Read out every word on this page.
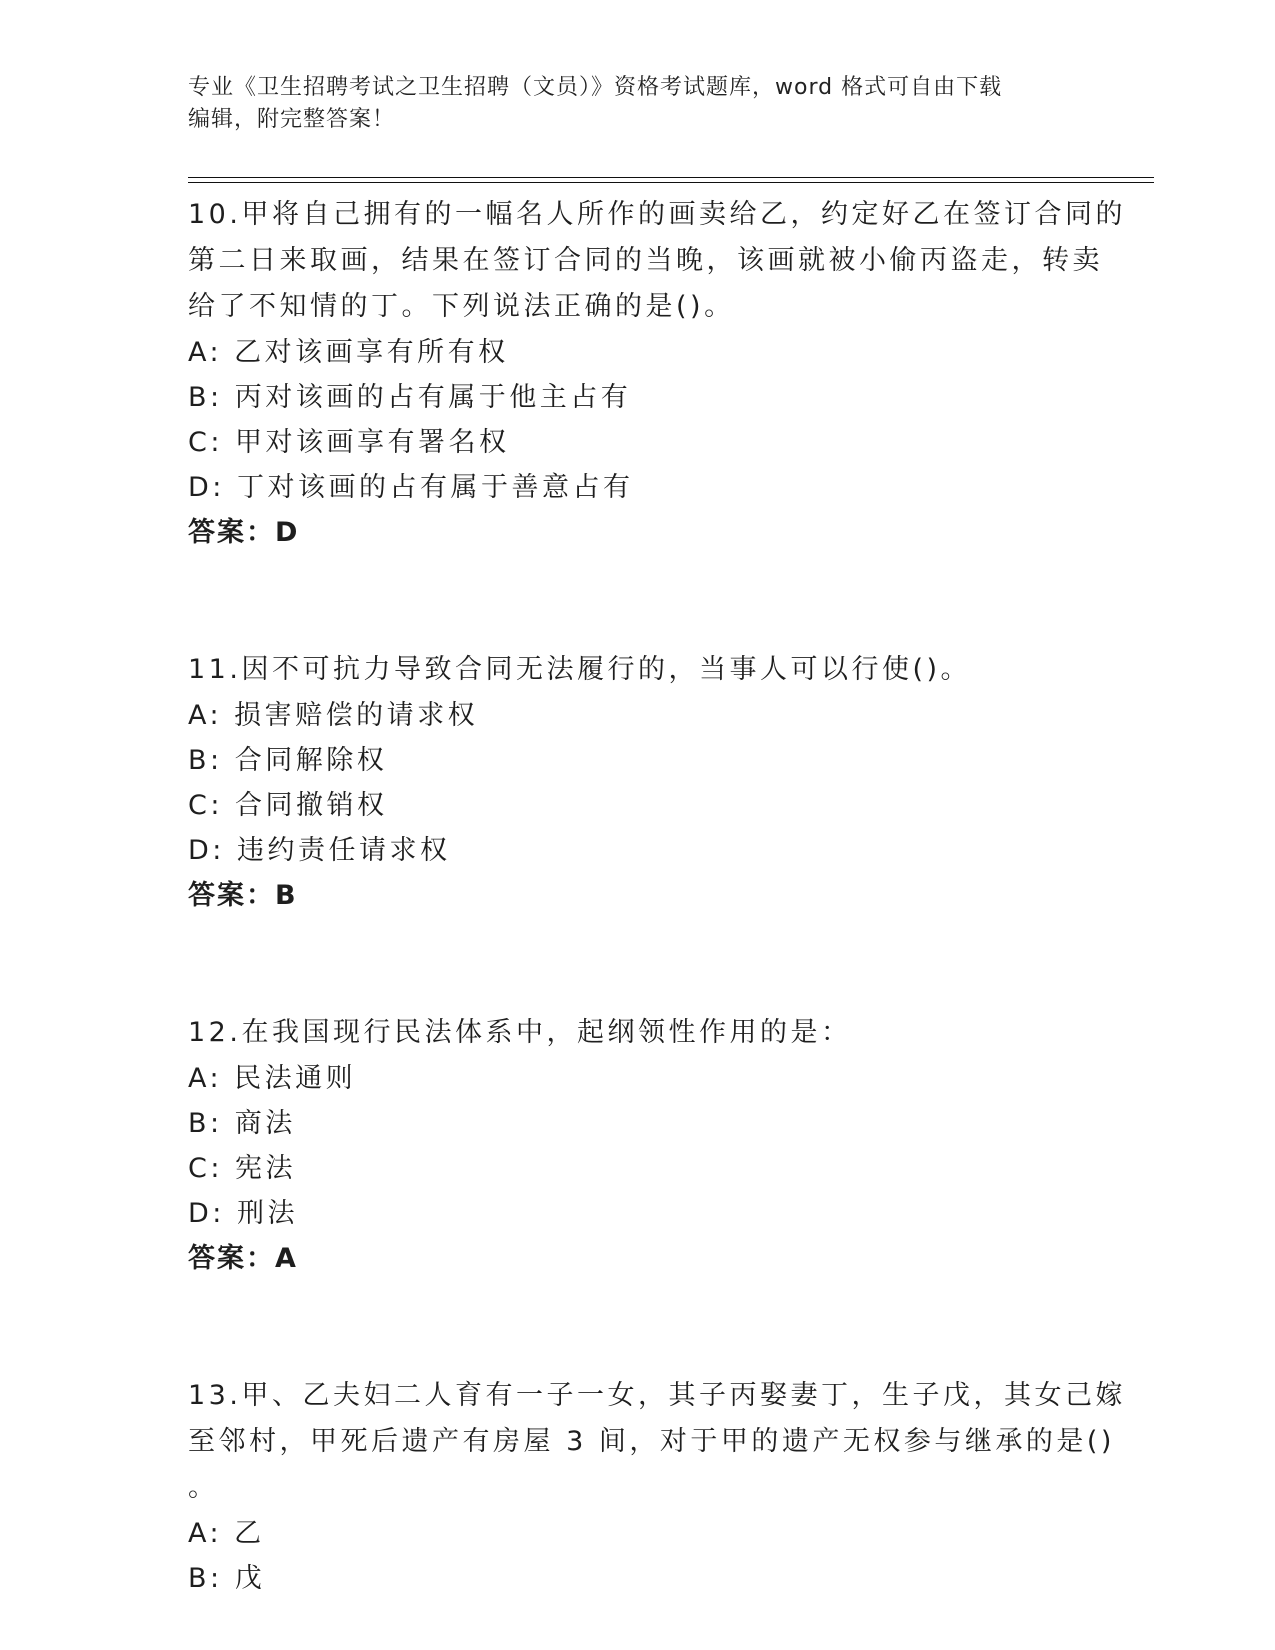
专业《卫生招聘考试之卫生招聘（文员）》资格考试题库，word 格式可自由下载
编辑，附完整答案！
10.甲将自己拥有的一幅名人所作的画卖给乙，约定好乙在签订合同的
第二日来取画，结果在签订合同的当晚，该画就被小偷丙盗走，转卖
给了不知情的丁。下列说法正确的是()。
A: 乙对该画享有所有权
B: 丙对该画的占有属于他主占有
C: 甲对该画享有署名权
D: 丁对该画的占有属于善意占有
答案：D
11.因不可抗力导致合同无法履行的，当事人可以行使()。
A: 损害赔偿的请求权
B: 合同解除权
C: 合同撤销权
D: 违约责任请求权
答案：B
12.在我国现行民法体系中，起纲领性作用的是：
A: 民法通则
B: 商法
C: 宪法
D: 刑法
答案：A
13.甲、乙夫妇二人育有一子一女，其子丙娶妻丁，生子戊，其女己嫁
至邻村，甲死后遗产有房屋 3 间，对于甲的遗产无权参与继承的是()
。
A: 乙
B: 戊
